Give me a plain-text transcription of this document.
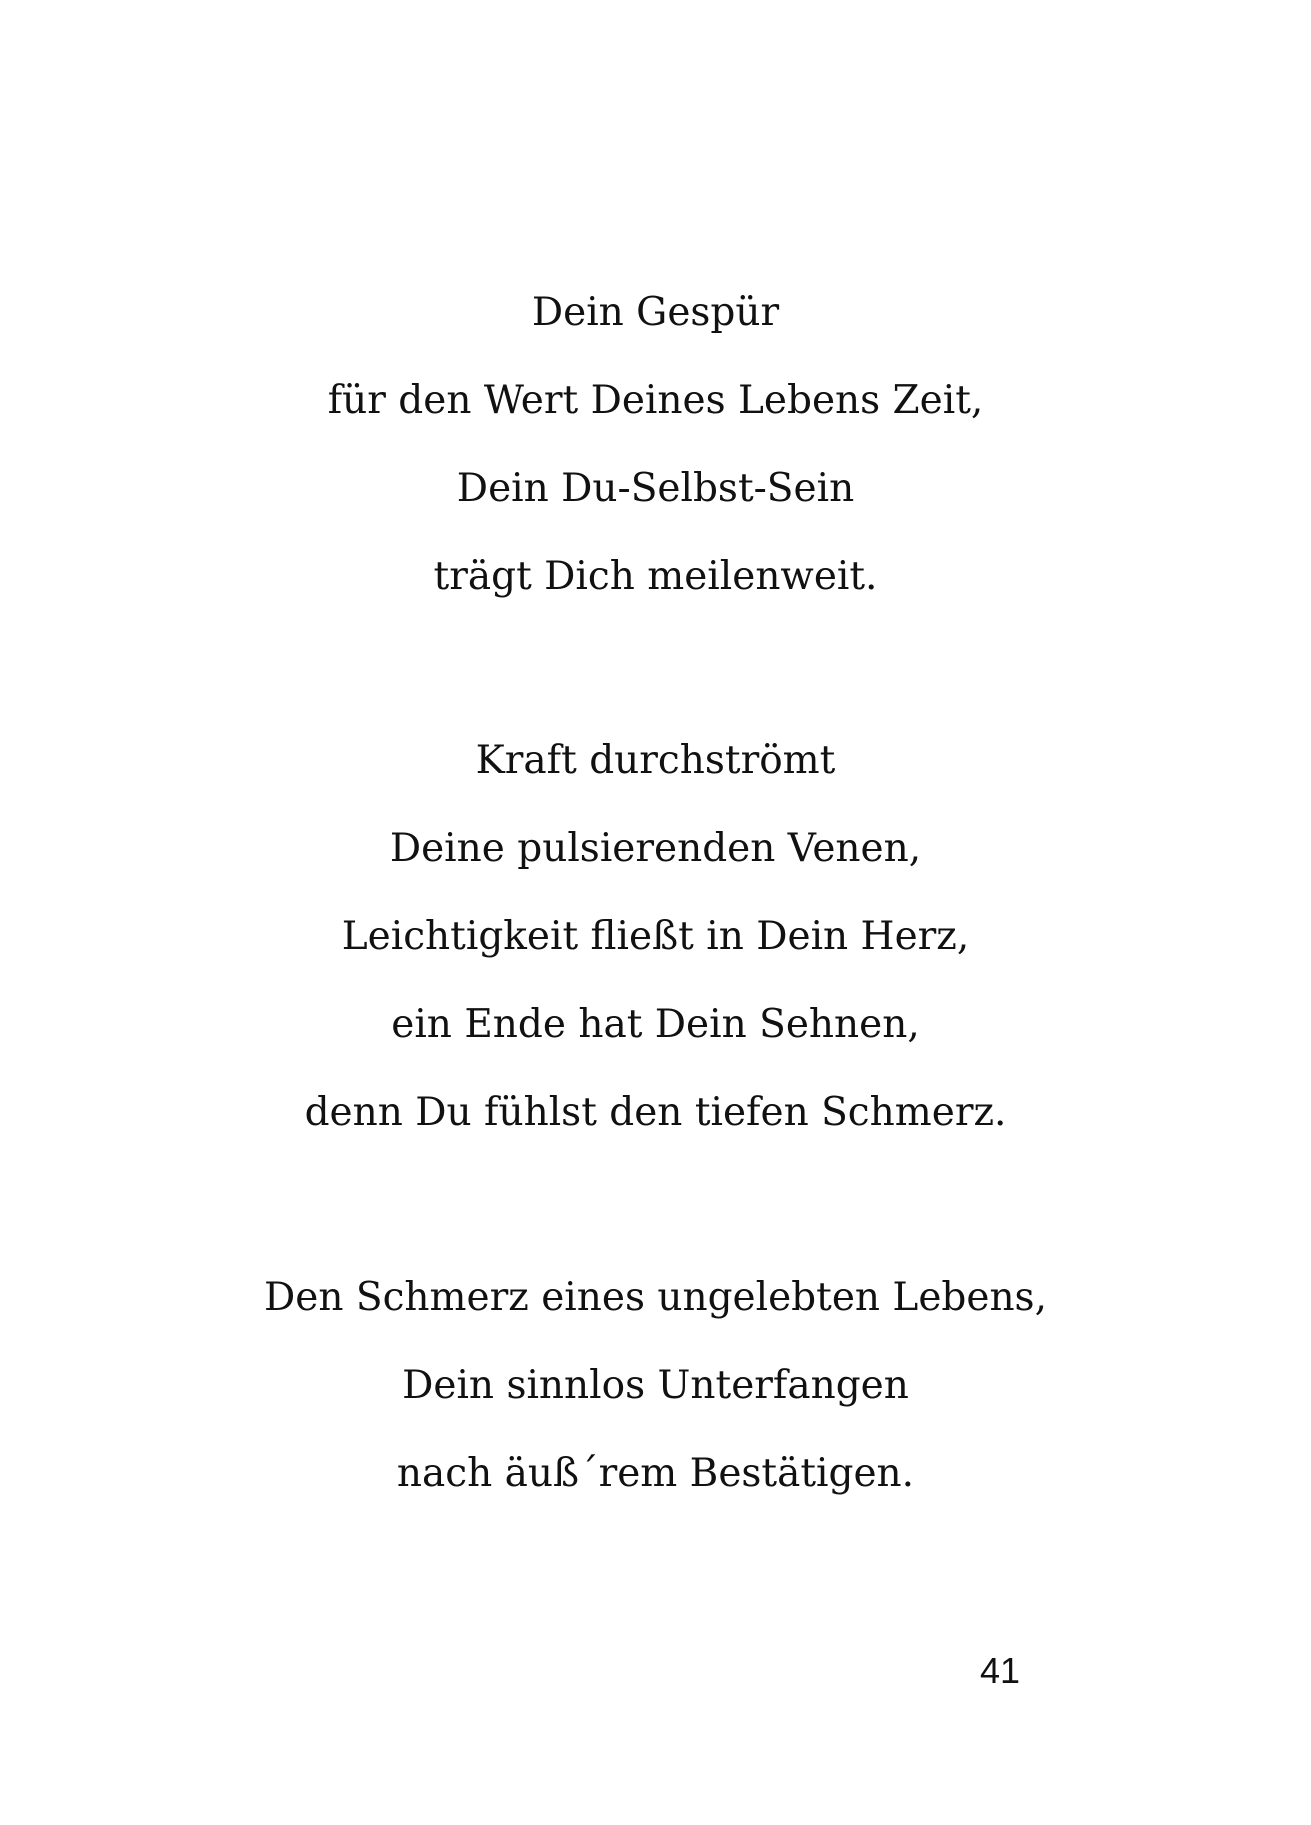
Dein Gespür
für den Wert Deines Lebens Zeit,
Dein Du-Selbst-Sein
trägt Dich meilenweit.
Kraft durchströmt
Deine pulsierenden Venen,
Leichtigkeit fließt in Dein Herz,
ein Ende hat Dein Sehnen,
denn Du fühlst den tiefen Schmerz.
Den Schmerz eines ungelebten Lebens,
Dein sinnlos Unterfangen
nach äuß´rem Bestätigen.
41
